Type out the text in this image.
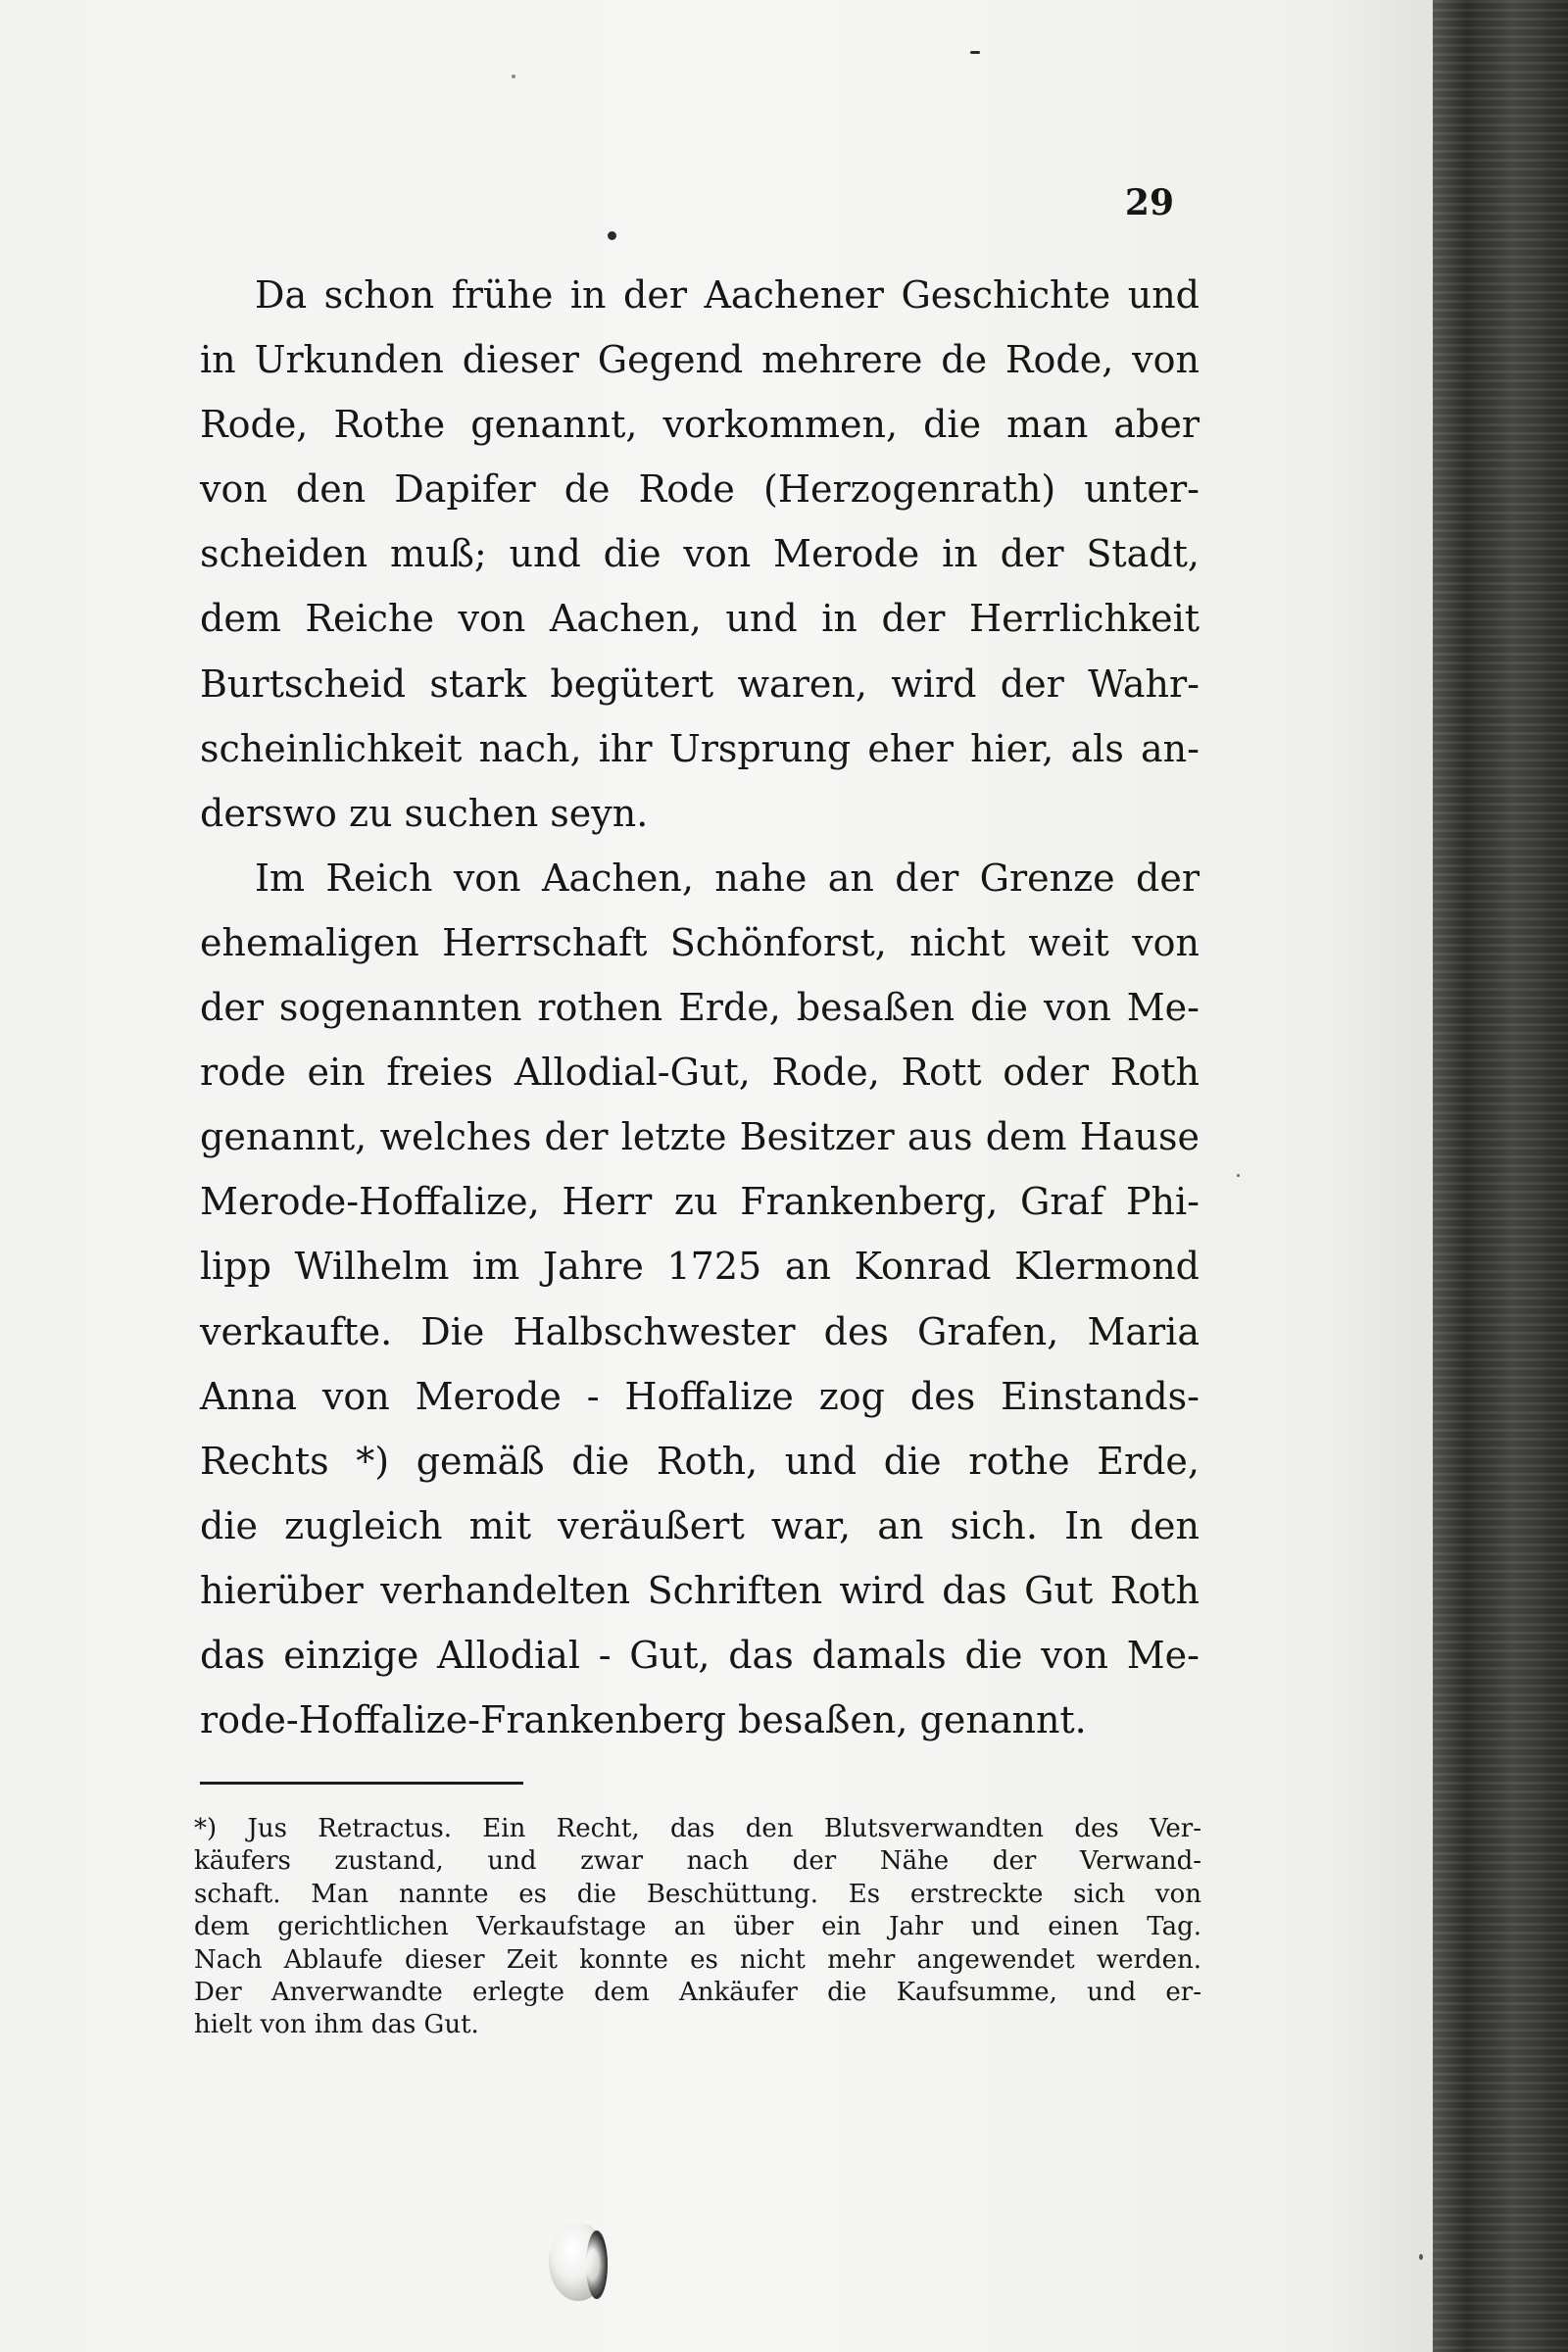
29
Da schon frühe in der Aachener Geschichte und
in Urkunden dieser Gegend mehrere de Rode, von
Rode, Rothe genannt, vorkommen, die man aber
von den Dapifer de Rode (Herzogenrath) unter-
scheiden muß; und die von Merode in der Stadt,
dem Reiche von Aachen, und in der Herrlichkeit
Burtscheid stark begütert waren, wird der Wahr-
scheinlichkeit nach, ihr Ursprung eher hier, als an-
derswo zu suchen seyn.
Im Reich von Aachen, nahe an der Grenze der
ehemaligen Herrschaft Schönforst, nicht weit von
der sogenannten rothen Erde, besaßen die von Me-
rode ein freies Allodial-Gut, Rode, Rott oder Roth
genannt, welches der letzte Besitzer aus dem Hause
Merode-Hoffalize, Herr zu Frankenberg, Graf Phi-
lipp Wilhelm im Jahre 1725 an Konrad Klermond
verkaufte. Die Halbschwester des Grafen, Maria
Anna von Merode - Hoffalize zog des Einstands-
Rechts *) gemäß die Roth, und die rothe Erde,
die zugleich mit veräußert war, an sich. In den
hierüber verhandelten Schriften wird das Gut Roth
das einzige Allodial - Gut, das damals die von Me-
rode-Hoffalize-Frankenberg besaßen, genannt.
*) Jus Retractus. Ein Recht, das den Blutsverwandten des Ver-
käufers zustand, und zwar nach der Nähe der Verwand-
schaft. Man nannte es die Beschüttung. Es erstreckte sich von
dem gerichtlichen Verkaufstage an über ein Jahr und einen Tag.
Nach Ablaufe dieser Zeit konnte es nicht mehr angewendet werden.
Der Anverwandte erlegte dem Ankäufer die Kaufsumme, und er-
hielt von ihm das Gut.
